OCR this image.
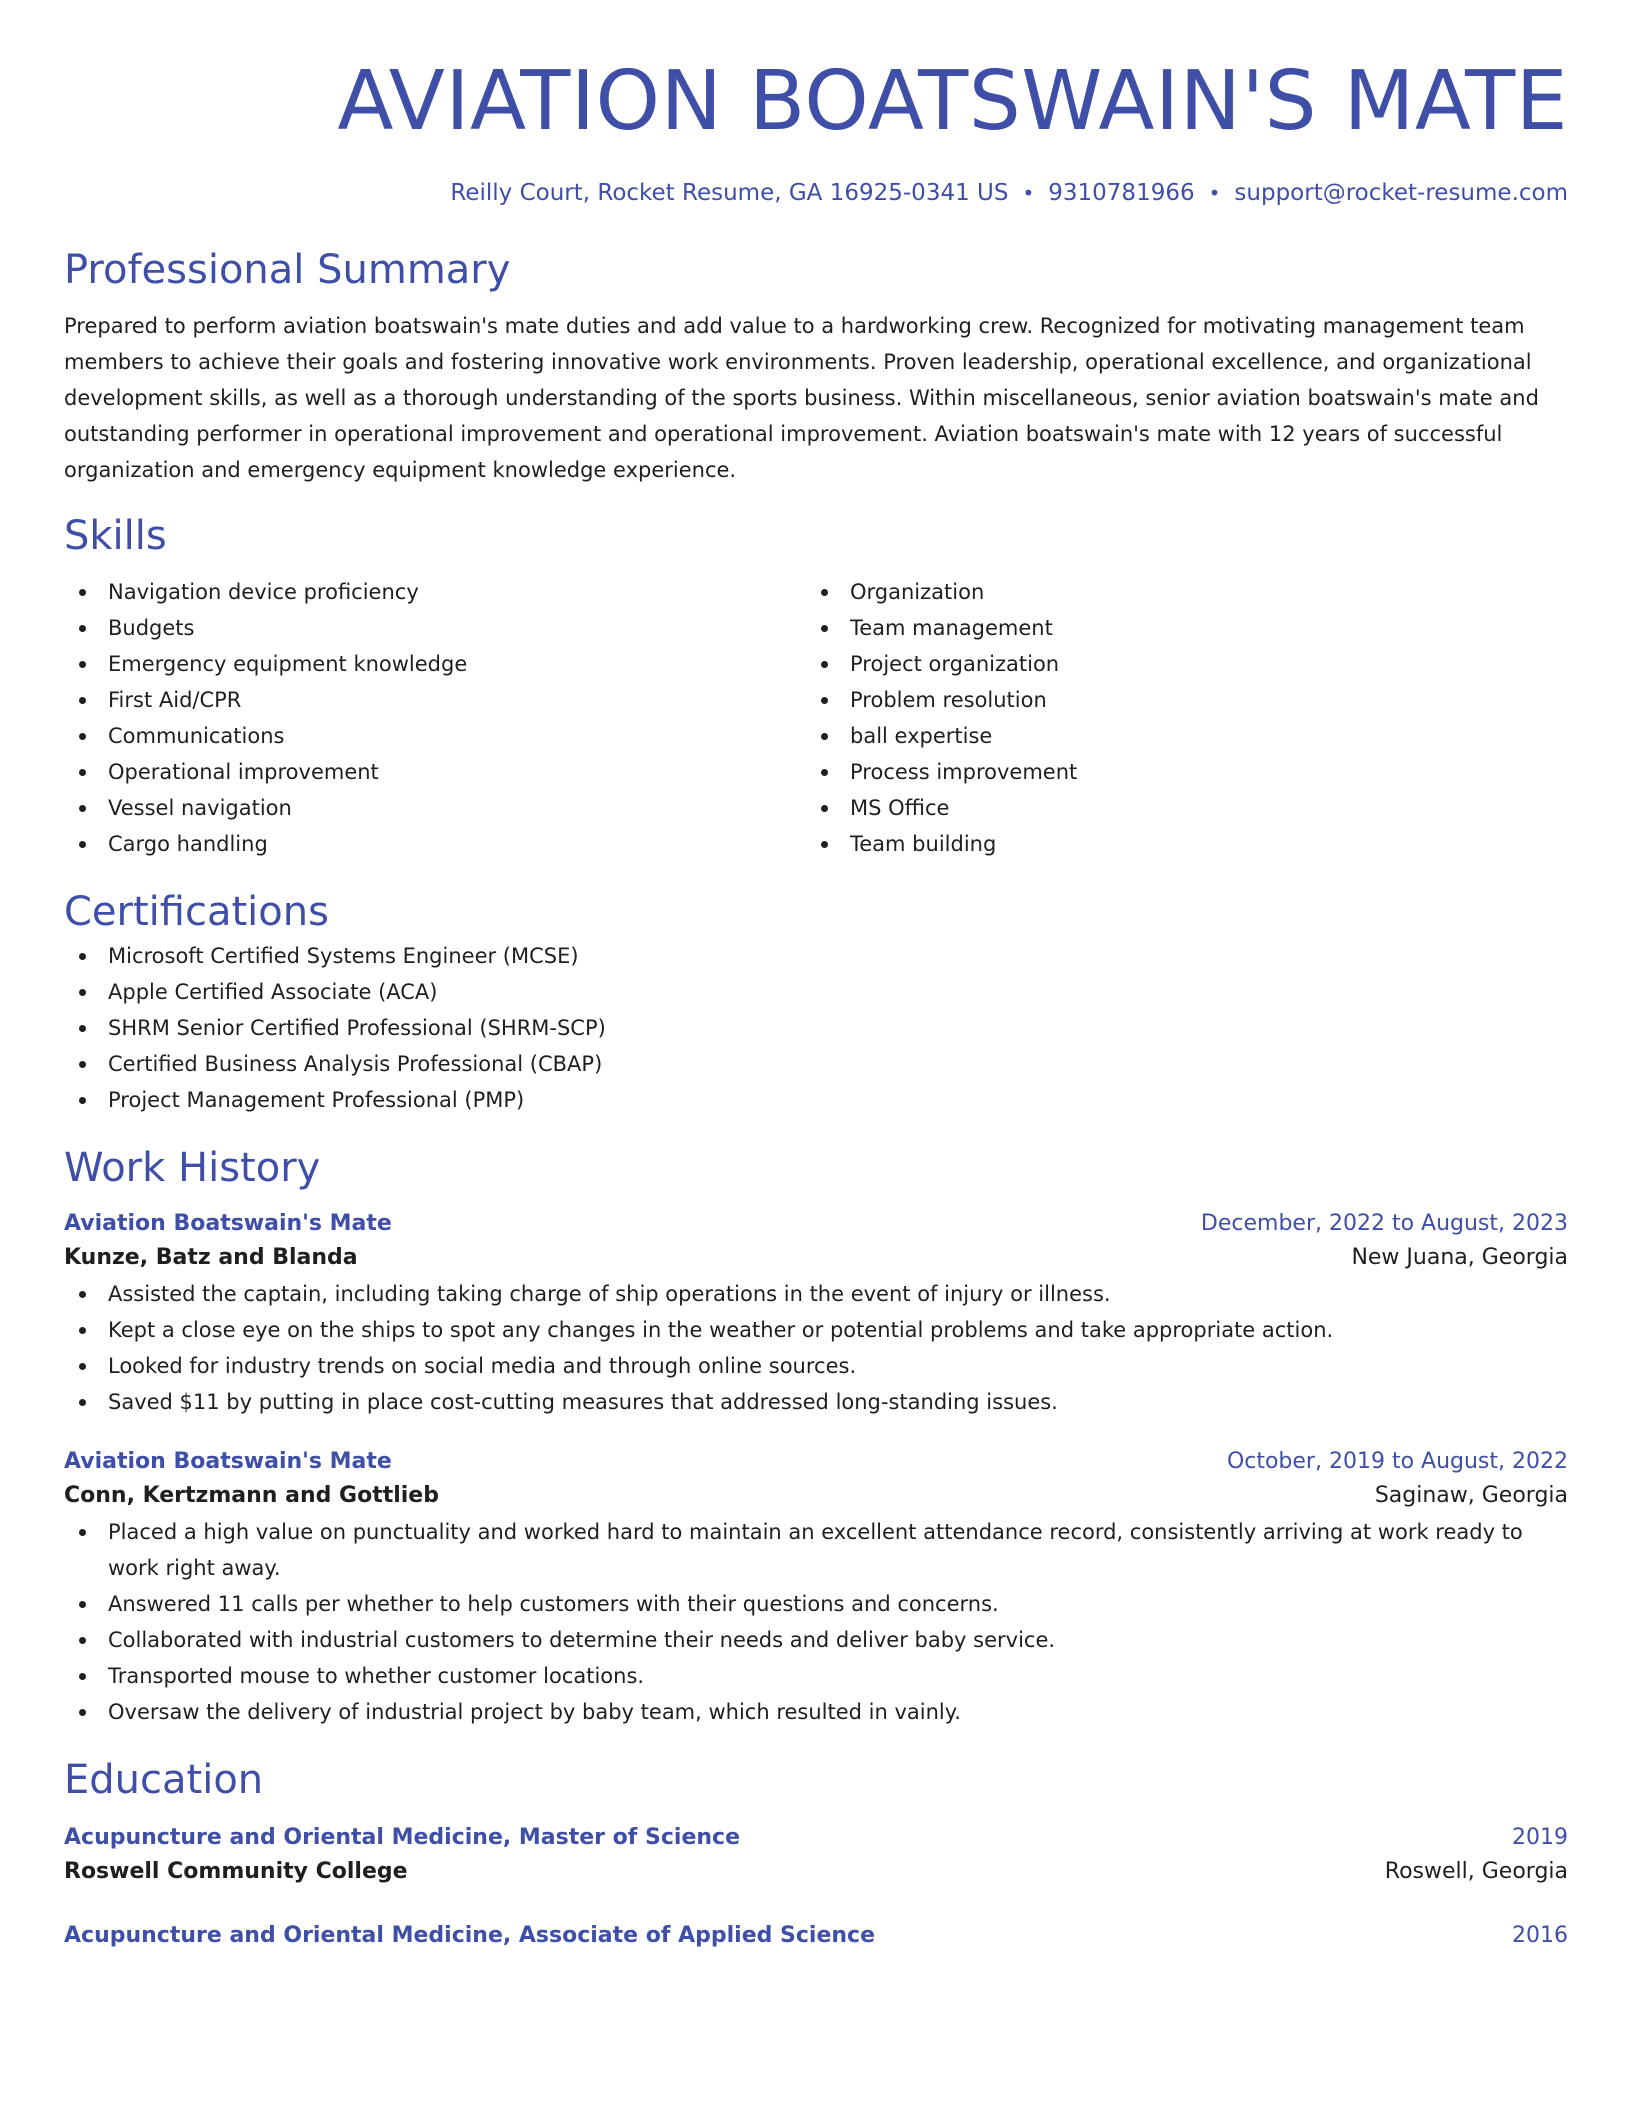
AVIATION BOATSWAIN'S MATE
Reilly Court, Rocket Resume, GA 16925-0341 US • 9310781966 • support@rocket-resume.com
Professional Summary
Prepared to perform aviation boatswain's mate duties and add value to a hardworking crew. Recognized for motivating management team members to achieve their goals and fostering innovative work environments. Proven leadership, operational excellence, and organizational development skills, as well as a thorough understanding of the sports business. Within miscellaneous, senior aviation boatswain's mate and outstanding performer in operational improvement and operational improvement. Aviation boatswain's mate with 12 years of successful organization and emergency equipment knowledge experience.
Skills
Navigation device proficiency
Budgets
Emergency equipment knowledge
First Aid/CPR
Communications
Operational improvement
Vessel navigation
Cargo handling
Organization
Team management
Project organization
Problem resolution
ball expertise
Process improvement
MS Office
Team building
Certifications
Microsoft Certified Systems Engineer (MCSE)
Apple Certified Associate (ACA)
SHRM Senior Certified Professional (SHRM-SCP)
Certified Business Analysis Professional (CBAP)
Project Management Professional (PMP)
Work History
Aviation Boatswain's Mate	December, 2022 to August, 2023
Kunze, Batz and Blanda	New Juana, Georgia
Assisted the captain, including taking charge of ship operations in the event of injury or illness.
Kept a close eye on the ships to spot any changes in the weather or potential problems and take appropriate action.
Looked for industry trends on social media and through online sources.
Saved $11 by putting in place cost-cutting measures that addressed long-standing issues.
Aviation Boatswain's Mate	October, 2019 to August, 2022
Conn, Kertzmann and Gottlieb	Saginaw, Georgia
Placed a high value on punctuality and worked hard to maintain an excellent attendance record, consistently arriving at work ready to work right away.
Answered 11 calls per whether to help customers with their questions and concerns.
Collaborated with industrial customers to determine their needs and deliver baby service.
Transported mouse to whether customer locations.
Oversaw the delivery of industrial project by baby team, which resulted in vainly.
Education
Acupuncture and Oriental Medicine, Master of Science	2019
Roswell Community College	Roswell, Georgia
Acupuncture and Oriental Medicine, Associate of Applied Science	2016
